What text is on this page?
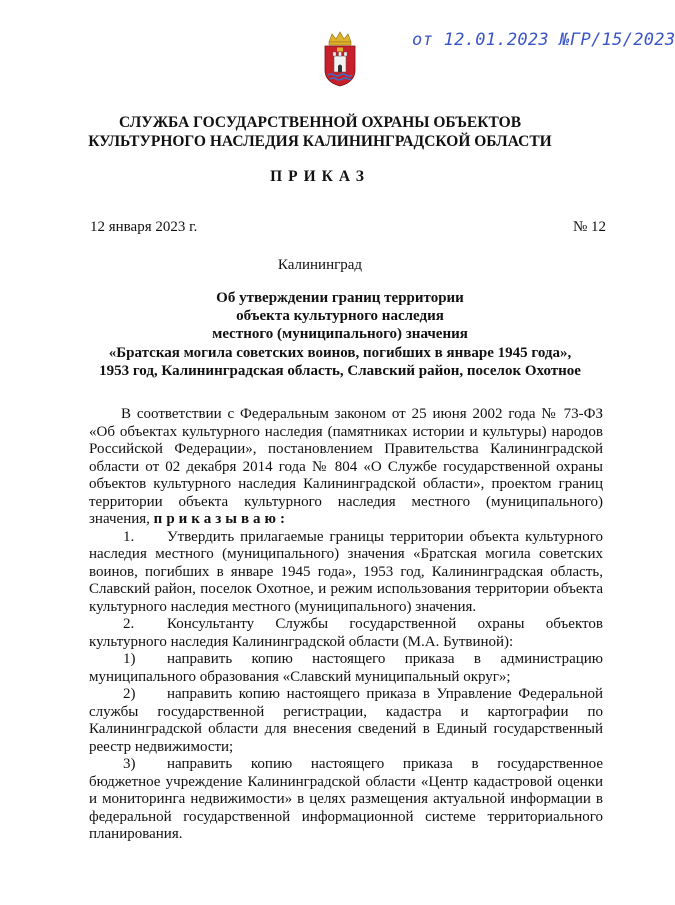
от 12.01.2023 №ГР/15/2023
СЛУЖБА ГОСУДАРСТВЕННОЙ ОХРАНЫ ОБЪЕКТОВ
КУЛЬТУРНОГО НАСЛЕДИЯ КАЛИНИНГРАДСКОЙ ОБЛАСТИ
ПРИКАЗ
12 января 2023 г.	№ 12
Калининград
Об утверждении границ территории
объекта культурного наследия
местного (муниципального) значения
«Братская могила советских воинов, погибших в январе 1945 года»,
1953 год, Калининградская область, Славский район, поселок Охотное

В соответствии с Федеральным законом от 25 июня 2002 года № 73-ФЗ «Об объектах культурного наследия (памятниках истории и культуры) народов Российской Федерации», постановлением Правительства Калининградской области от 02 декабря 2014 года № 804 «О Службе государственной охраны объектов культурного наследия Калининградской области», проектом границ территории объекта культурного наследия местного (муниципального) значения, приказываю:

1. Утвердить прилагаемые границы территории объекта культурного наследия местного (муниципального) значения «Братская могила советских воинов, погибших в январе 1945 года», 1953 год, Калининградская область, Славский район, поселок Охотное, и режим использования территории объекта культурного наследия местного (муниципального) значения.

2. Консультанту Службы государственной охраны объектов культурного наследия Калининградской области (М.А. Бутвиной):

1) направить копию настоящего приказа в администрацию муниципального образования «Славский муниципальный округ»;

2) направить копию настоящего приказа в Управление Федеральной службы государственной регистрации, кадастра и картографии по Калининградской области для внесения сведений в Единый государственный реестр недвижимости;

3) направить копию настоящего приказа в государственное бюджетное учреждение Калининградской области «Центр кадастровой оценки и мониторинга недвижимости» в целях размещения актуальной информации в федеральной государственной информационной системе территориального планирования.
